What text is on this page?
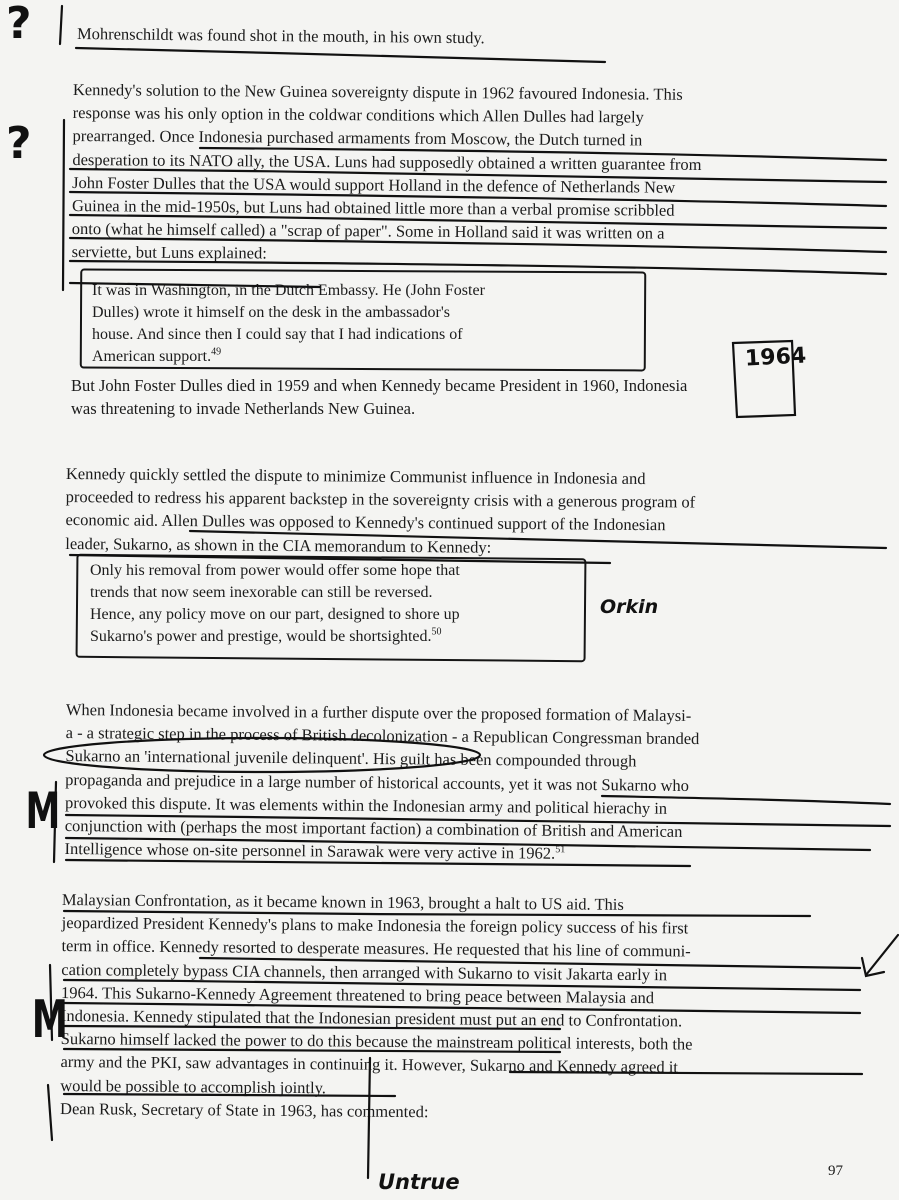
Mohrenschildt was found shot in the mouth, in his own study.

Kennedy's solution to the New Guinea sovereignty dispute in 1962 favoured Indonesia. This
response was his only option in the coldwar conditions which Allen Dulles had largely
prearranged. Once Indonesia purchased armaments from Moscow, the Dutch turned in
desperation to its NATO ally, the USA. Luns had supposedly obtained a written guarantee from
John Foster Dulles that the USA would support Holland in the defence of Netherlands New
Guinea in the mid-1950s, but Luns had obtained little more than a verbal promise scribbled
onto (what he himself called) a "scrap of paper". Some in Holland said it was written on a
serviette, but Luns explained:

It was in Washington, in the Dutch Embassy. He (John Foster
Dulles) wrote it himself on the desk in the ambassador's
house. And since then I could say that I had indications of
American support.$^{49}$

But John Foster Dulles died in 1959 and when Kennedy became President in 1960, Indonesia
was threatening to invade Netherlands New Guinea.

Kennedy quickly settled the dispute to minimize Communist influence in Indonesia and
proceeded to redress his apparent backstep in the sovereignty crisis with a generous program of
economic aid. Allen Dulles was opposed to Kennedy's continued support of the Indonesian
leader, Sukarno, as shown in the CIA memorandum to Kennedy:

Only his removal from power would offer some hope that
trends that now seem inexorable can still be reversed.
Hence, any policy move on our part, designed to shore up
Sukarno's power and prestige, would be shortsighted.$^{50}$

When Indonesia became involved in a further dispute over the proposed formation of Malaysi-
a - a strategic step in the process of British decolonization - a Republican Congressman branded
Sukarno an 'international juvenile delinquent'. His guilt has been compounded through
propaganda and prejudice in a large number of historical accounts, yet it was not Sukarno who
provoked this dispute. It was elements within the Indonesian army and political hierachy in
conjunction with (perhaps the most important faction) a combination of British and American
Intelligence whose on-site personnel in Sarawak were very active in 1962.51

Malaysian Confrontation, as it became known in 1963, brought a halt to US aid. This
jeopardized President Kennedy's plans to make Indonesia the foreign policy success of his first
term in office. Kennedy resorted to desperate measures. He requested that his line of communi-
cation completely bypass CIA channels, then arranged with Sukarno to visit Jakarta early in
1964. This Sukarno-Kennedy Agreement threatened to bring peace between Malaysia and
Indonesia. Kennedy stipulated that the Indonesian president must put an end to Confrontation.
Sukarno himself lacked the power to do this because the mainstream political interests, both the
army and the PKI, saw advantages in continuing it. However, Sukarno and Kennedy agreed it
would be possible to accomplish jointly.
Dean Rusk, Secretary of State in 1963, has commented:

97
?
?
1964
Orkin
M
M
Untrue
